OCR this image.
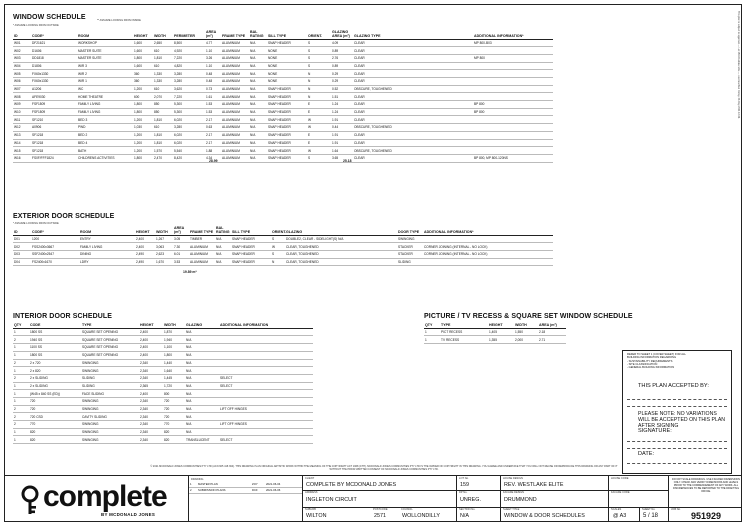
WINDOW SCHEDULE
* ASSUME LOOKING FROM OUTSIDE
** ASSUME LOOKING FROM INSIDE
ID	CODE*	ROOM	HEIGHT	WIDTH	PERIMETER	AREA (m²)	FRAME TYPE	BAL RATING	SILL TYPE	ORIENT.	GLAZING AREA (m²)	GLAZING TYPE	ADDITIONAL INFORMATION*
W01	DF21621	WORKSHOP	1,600	2,650	8,500	4.77	ALUMINIUM	N/A	SNAP HEADER	S	4.09	CLEAR	MP 800-B03
W02	D1606	MASTER SUITE	1,600	610	4,920	1.10	ALUMINIUM	N/A	NONE	S	0.89	CLEAR	
W03	DD1818	MASTER SUITE	1,800	1,810	7,220	3.26	ALUMINIUM	N/A	NONE	S	2.76	CLEAR	MP 800
W04	D1806	WIR 3	1,600	610	4,820	1.10	ALUMINIUM	N/A	NONE	S	0.89	CLEAR	
W05	FX60x1330	WIR 2	360	1,330	3,280	0.48	ALUMINIUM	N/A	NONE	N	0.29	CLEAR	
W06	FX60x1330	WIR 1	360	1,330	3,280	0.48	ALUMINIUM	N/A	NONE	N	0.29	CLEAR	
W07	A1206	WC	1,200	610	3,620	0.73	ALUMINIUM	N/A	SNAP HEADER	N	0.52	OBSCURE, TOUGHENED	
W08	AFE9030	HOME THEATRE	600	2,070	7,220	1.61	ALUMINIUM	N/A	SNAP HEADER	N	1.51	CLEAR	
W09	FSF1809	FAMILY LIVING	1,800	850	5,300	1.53	ALUMINIUM	N/A	SNAP HEADER	E	1.24	CLEAR	BP 800
W10	FSF1809	FAMILY LIVING	1,800	850	5,300	1.53	ALUMINIUM	N/A	SNAP HEADER	E	1.24	CLEAR	BP 800
W11	SF1210	BED 3	1,200	1,810	6,020	2.17	ALUMINIUM	N/A	SNAP HEADER	W	1.91	CLEAR	
W12	A0906	PWD	1,030	610	3,280	0.63	ALUMINIUM	N/A	SNAP HEADER	W	0.44	OBSCURE, TOUGHENED	
W13	SF1218	BED 2	1,200	1,810	6,020	2.17	ALUMINIUM	N/A	SNAP HEADER	E	1.91	CLEAR	
W14	SF1218	BED 4	1,200	1,810	6,020	2.17	ALUMINIUM	N/A	SNAP HEADER	E	1.91	CLEAR	
W15	SF1218	BATH	1,200	1,570	5,540	1.88	ALUMINIUM	N/A	SNAP HEADER	W	1.64	OBSCURE, TOUGHENED	
W16	FS0F/FFF1824	CHILDRENS ACTIVITIES	1,800	2,470	8,420	4.34	ALUMINIUM	N/A	SNAP HEADER	S	3.65	CLEAR	BP 800, MP 800-120NS
28.99	25.18
EXTERIOR DOOR SCHEDULE
* ASSUME LOOKING FROM OUTSIDE
ID	CODE*	ROOM	HEIGHT	WIDTH	AREA (m²)	FRAME TYPE	BAL RATING	SILL TYPE	ORIENT.	GLAZING	DOOR TYPE	ADDITIONAL INFORMATION*
D01	1200	ENTRY	2,400	1,267	3.05	TIMBER	N/A	SNAP HEADER	S	DOUBLE2, CLEAR - SIDELIGHT(S) N/A	SWINGING	
D02	FSS2400x3667	FAMILY LIVING	2,400	3,063	7.30	ALUMINIUM	N/A	SNAP HEADER	W	CLEAR, TOUGHENED	STACKER	CORNER JOINING (INTERNAL - NO LOCK)
D03	SSF2400x2547	DINING	2,490	2,623	6.01	ALUMINIUM	N/A	SNAP HEADER	S	CLEAR, TOUGHENED	STACKER	CORNER JOINING (INTERNAL - NO LOCK)
D04	FS2400x1670	LDRY	2,490	1,670	3.53	ALUMINIUM	N/A	SNAP HEADER	N	CLEAR, TOUGHENED	SLIDING	
19.89 m²
INTERIOR DOOR SCHEDULE
QTY	CODE	TYPE	HEIGHT	WIDTH	GLAZING	ADDITIONAL INFORMATION
1	1800 SS	SQUARE SET OPENING	2,400	1,870	N/A	
2	1940 SS	SQUARE SET OPENING	2,400	1,940	N/A	
1	1100 SS	SQUARE SET OPENING	2,400	1,100	N/A	
1	1800 SS	SQUARE SET OPENING	2,400	1,800	N/A	
2	2 x 720	SWINGING	2,340	1,440	N/A	
1	2 x 820	SWINGING	2,340	1,640	N/A	
2	2 x SLIDING	SLIDING	2,340	1,445	N/A	SELECT
1	2 x SLIDING	SLIDING	2,365	1,720	N/A	SELECT
1	(W45 x 840 SS (ED))	FACE SLIDING	2,400	800	N/A	
1	720	SWINGING	2,340	720	N/A	
2	720	SWINGING	2,340	720	N/A	LIFT OFF HINGES
2	720 CSD	CAVITY SLIDING	2,340	720	N/A	
2	770	SWINGING	2,340	770	N/A	LIFT OFF HINGES
1	820	SWINGING	2,340	820	N/A	
1	820	SWINGING	2,340	820	TRANSLUCENT	SELECT
PICTURE / TV RECESS & SQUARE SET WINDOW SCHEDULE
QTY	TYPE	HEIGHT	WIDTH	AREA (m²)
1	PICT RECESS	1,405	1,550	2.18
1	TV RECESS	1,355	2,000	2.71
REFER TO SHEET 1 (COVER SHEET) FOR ALL
BUILDING INFORMATION REGARDING
- SUSTAINABILITY REQUIREMENTS
- SITE CLASSIFICATION
- GENERAL BUILDING INFORMATION
THIS PLAN ACCEPTED BY:
PLEASE NOTE: NO VARIATIONS WILL BE ACCEPTED ON THIS PLAN AFTER SIGNING
SIGNATURE:
DATE:
© 2021 MCDONALD JONES COMMUNITIES PTY LTD (ACN 605 418 364). THIS DRAWING IS AN ORIGINAL ARTISTIC WORK WITHIN THE MEANING OF THE COPYRIGHT ACT 1968 (CTH). MCDONALD JONES COMMUNITIES PTY LTD IS THE OWNER OF COPYRIGHT IN THIS DRAWING. YOU AGREE AND UNDERTAKE THAT YOU WILL NOT REUSE OR REPRODUCE THIS DRAWING OR ANY PART OF IT WITHOUT THE PRIOR WRITTEN CONSENT OF MCDONALD JONES COMMUNITIES PTY LTD.
This plan is subject to approval — Lot 159 Westlake Elite — Last modified Friday, 26 May 2021 12:36
complete
BY MCDONALD JONES
DRAWING
1	MASTER PLAN	ZOY	2021-06-04
2	SUBMISSION PLANS	DCF	2021-06-06
CLIENT
COMPLETE BY MCDONALD JONES
ADDRESS
INGLETON CIRCUIT
SUBURB
WILTON
POSTCODE
2571
COUNCIL
WOLLONDILLY
LOT No.
159
DP No.
UNREG.
SECTION No.
N/A
HOUSE DESIGN
REV. WESTLAKE ELITE
FACADE DESIGN
DRUMMOND
SHEET TITLE
WINDOW & DOOR SCHEDULES
HOUSE CODE
FACADE CODE
SCALES
@ A3
SHEET No.
5 / 18
DO NOT SCALE DRAWINGS. USE FIGURED DIMENSIONS ONLY. CHECK AND VERIFY DIMENSIONS AND LEVELS PRIOR TO THE COMMENCEMENT OF ANY WORK. ALL DISCREPANCIES TO BE REPORTED TO THE DRAFTING OFFICE.
JOB No.
951929
